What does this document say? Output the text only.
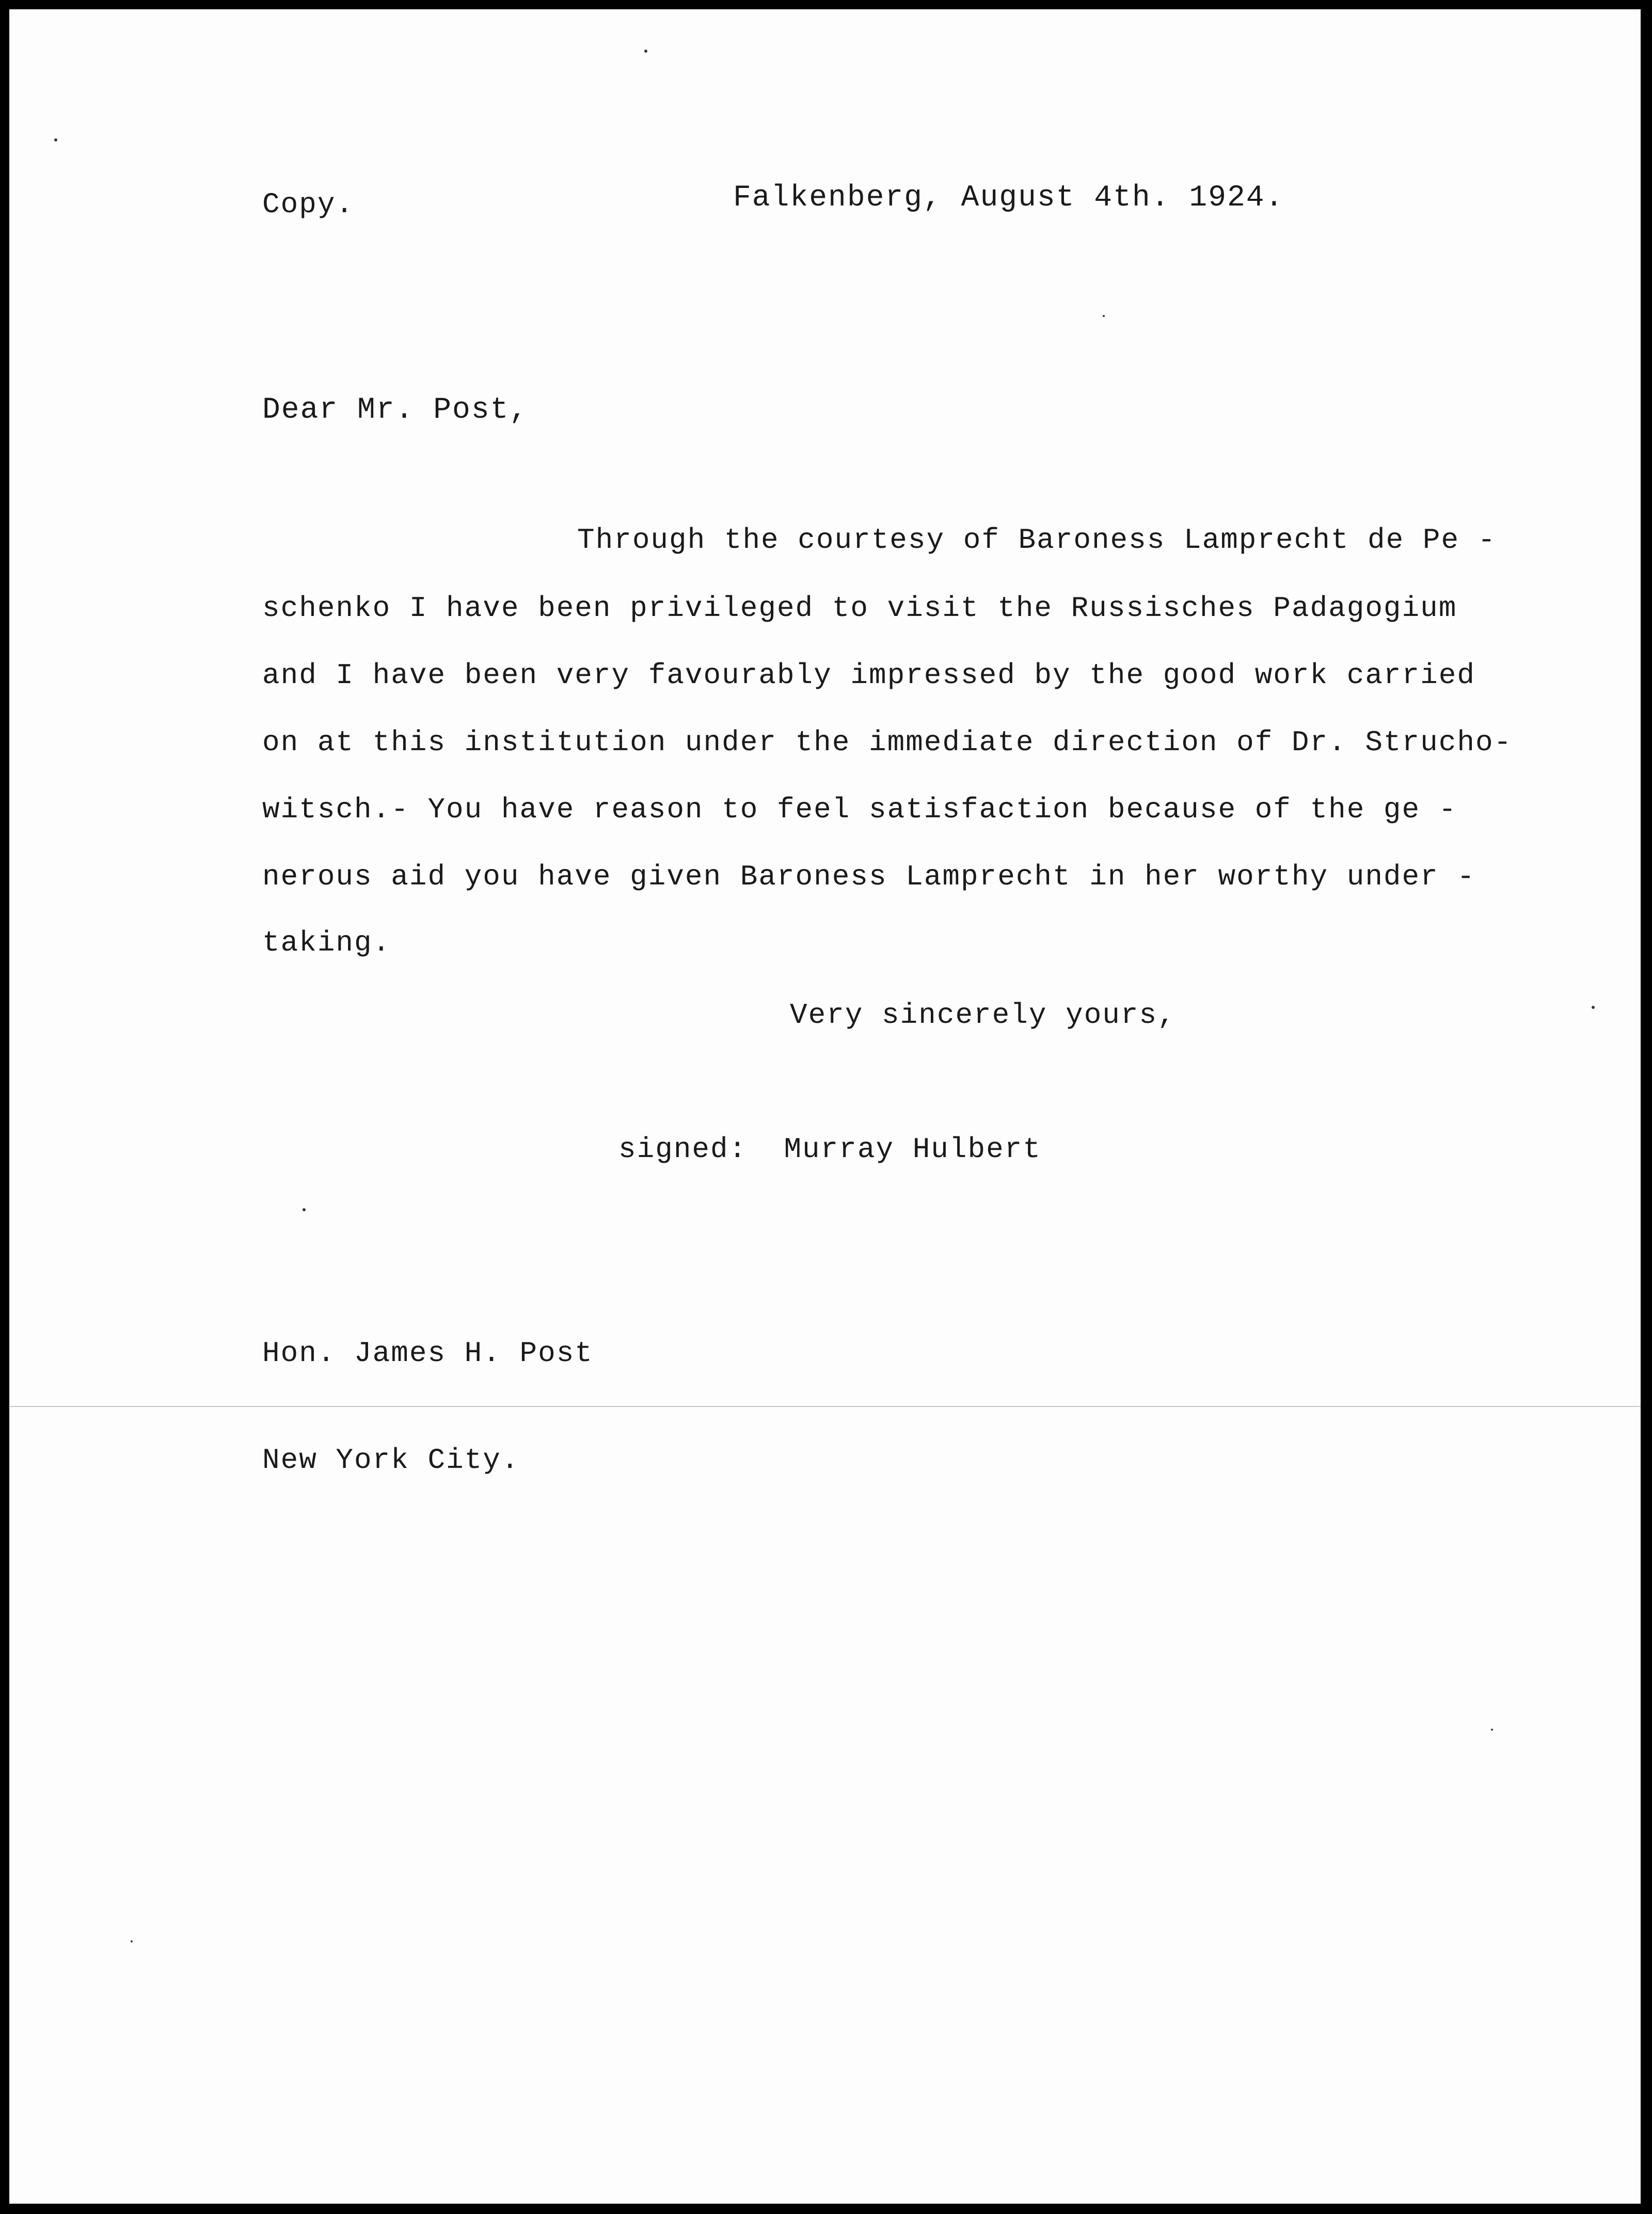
Copy.	Falkenberg, August 4th. 1924.
Dear Mr. Post,
Through the courtesy of Baroness Lamprecht de Pe -
schenko I have been privileged to visit the Russisches Padagogium
and I have been very favourably impressed by the good work carried
on at this institution under the immediate direction of Dr. Strucho-
witsch.- You have reason to feel satisfaction because of the ge -
nerous aid you have given Baroness Lamprecht in her worthy under -
taking.
Very sincerely yours,
signed:  Murray Hulbert
Hon. James H. Post
New York City.
